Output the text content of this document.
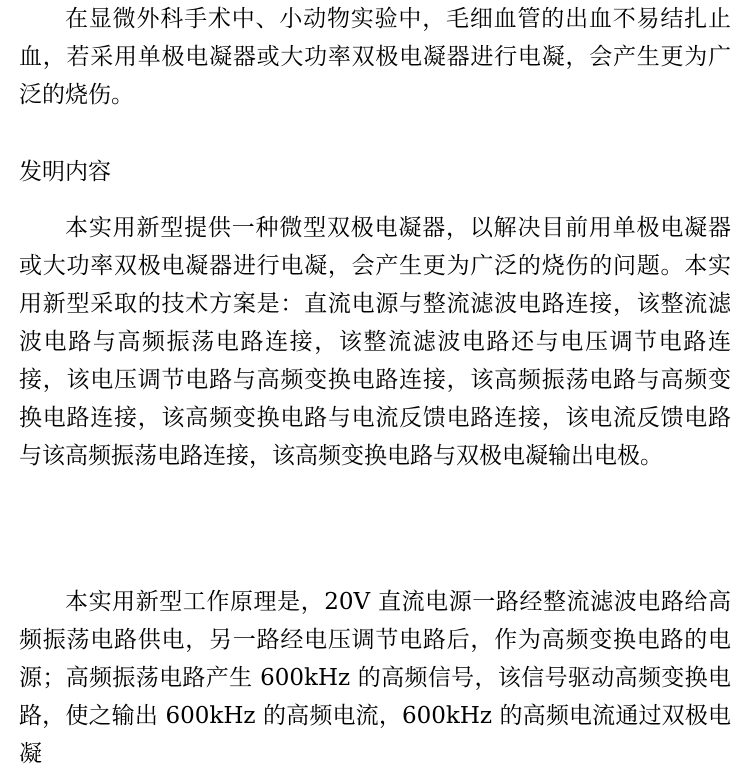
在显微外科手术中、小动物实验中，毛细血管的出血不易结扎止血，若采用单极电凝器或大功率双极电凝器进行电凝，会产生更为广泛的烧伤。

发明内容

本实用新型提供一种微型双极电凝器，以解决目前用单极电凝器或大功率双极电凝器进行电凝，会产生更为广泛的烧伤的问题。本实用新型采取的技术方案是：直流电源与整流滤波电路连接，该整流滤波电路与高频振荡电路连接，该整流滤波电路还与电压调节电路连接，该电压调节电路与高频变换电路连接，该高频振荡电路与高频变换电路连接，该高频变换电路与电流反馈电路连接，该电流反馈电路与该高频振荡电路连接，该高频变换电路与双极电凝输出电极。

本实用新型工作原理是，20V 直流电源一路经整流滤波电路给高频振荡电路供电，另一路经电压调节电路后，作为高频变换电路的电源；高频振荡电路产生 600kHz 的高频信号，该信号驱动高频变换电路，使之输出 600kHz 的高频电流，600kHz 的高频电流通过双极电凝
